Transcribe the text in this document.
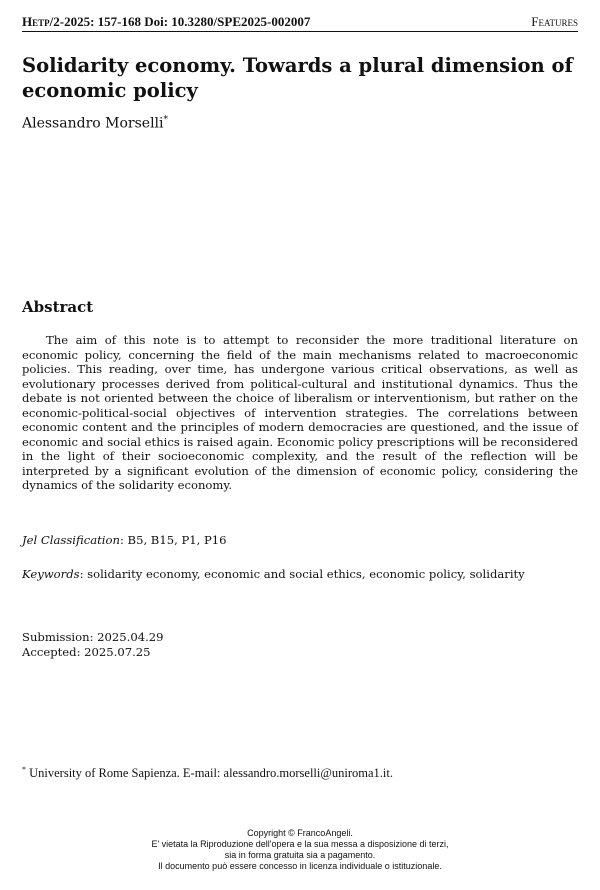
Hetp/2-2025: 157-168 Doi: 10.3280/SPE2025-002007	Features
Solidarity economy. Towards a plural dimension of economic policy
Alessandro Morselli*
Abstract

The aim of this note is to attempt to reconsider the more traditional literature on economic policy, concerning the field of the main mechanisms related to macroeconomic policies. This reading, over time, has undergone various critical observations, as well as evolutionary processes derived from political-cultural and institutional dynamics. Thus the debate is not oriented between the choice of liberalism or interventionism, but rather on the economic-political-social objectives of intervention strategies. The correlations between economic content and the principles of modern democracies are questioned, and the issue of economic and social ethics is raised again. Economic policy prescriptions will be reconsidered in the light of their socioeconomic complexity, and the result of the reflection will be interpreted by a significant evolution of the dimension of economic policy, considering the dynamics of the solidarity economy.

Jel Classification: B5, B15, P1, P16

Keywords: solidarity economy, economic and social ethics, economic policy, solidarity

Submission: 2025.04.29
Accepted: 2025.07.25
* University of Rome Sapienza. E-mail: alessandro.morselli@uniroma1.it.
Copyright © FrancoAngeli.
E' vietata la Riproduzione dell'opera e la sua messa a disposizione di terzi,
sia in forma gratuita sia a pagamento.
Il documento può essere concesso in licenza individuale o istituzionale.
